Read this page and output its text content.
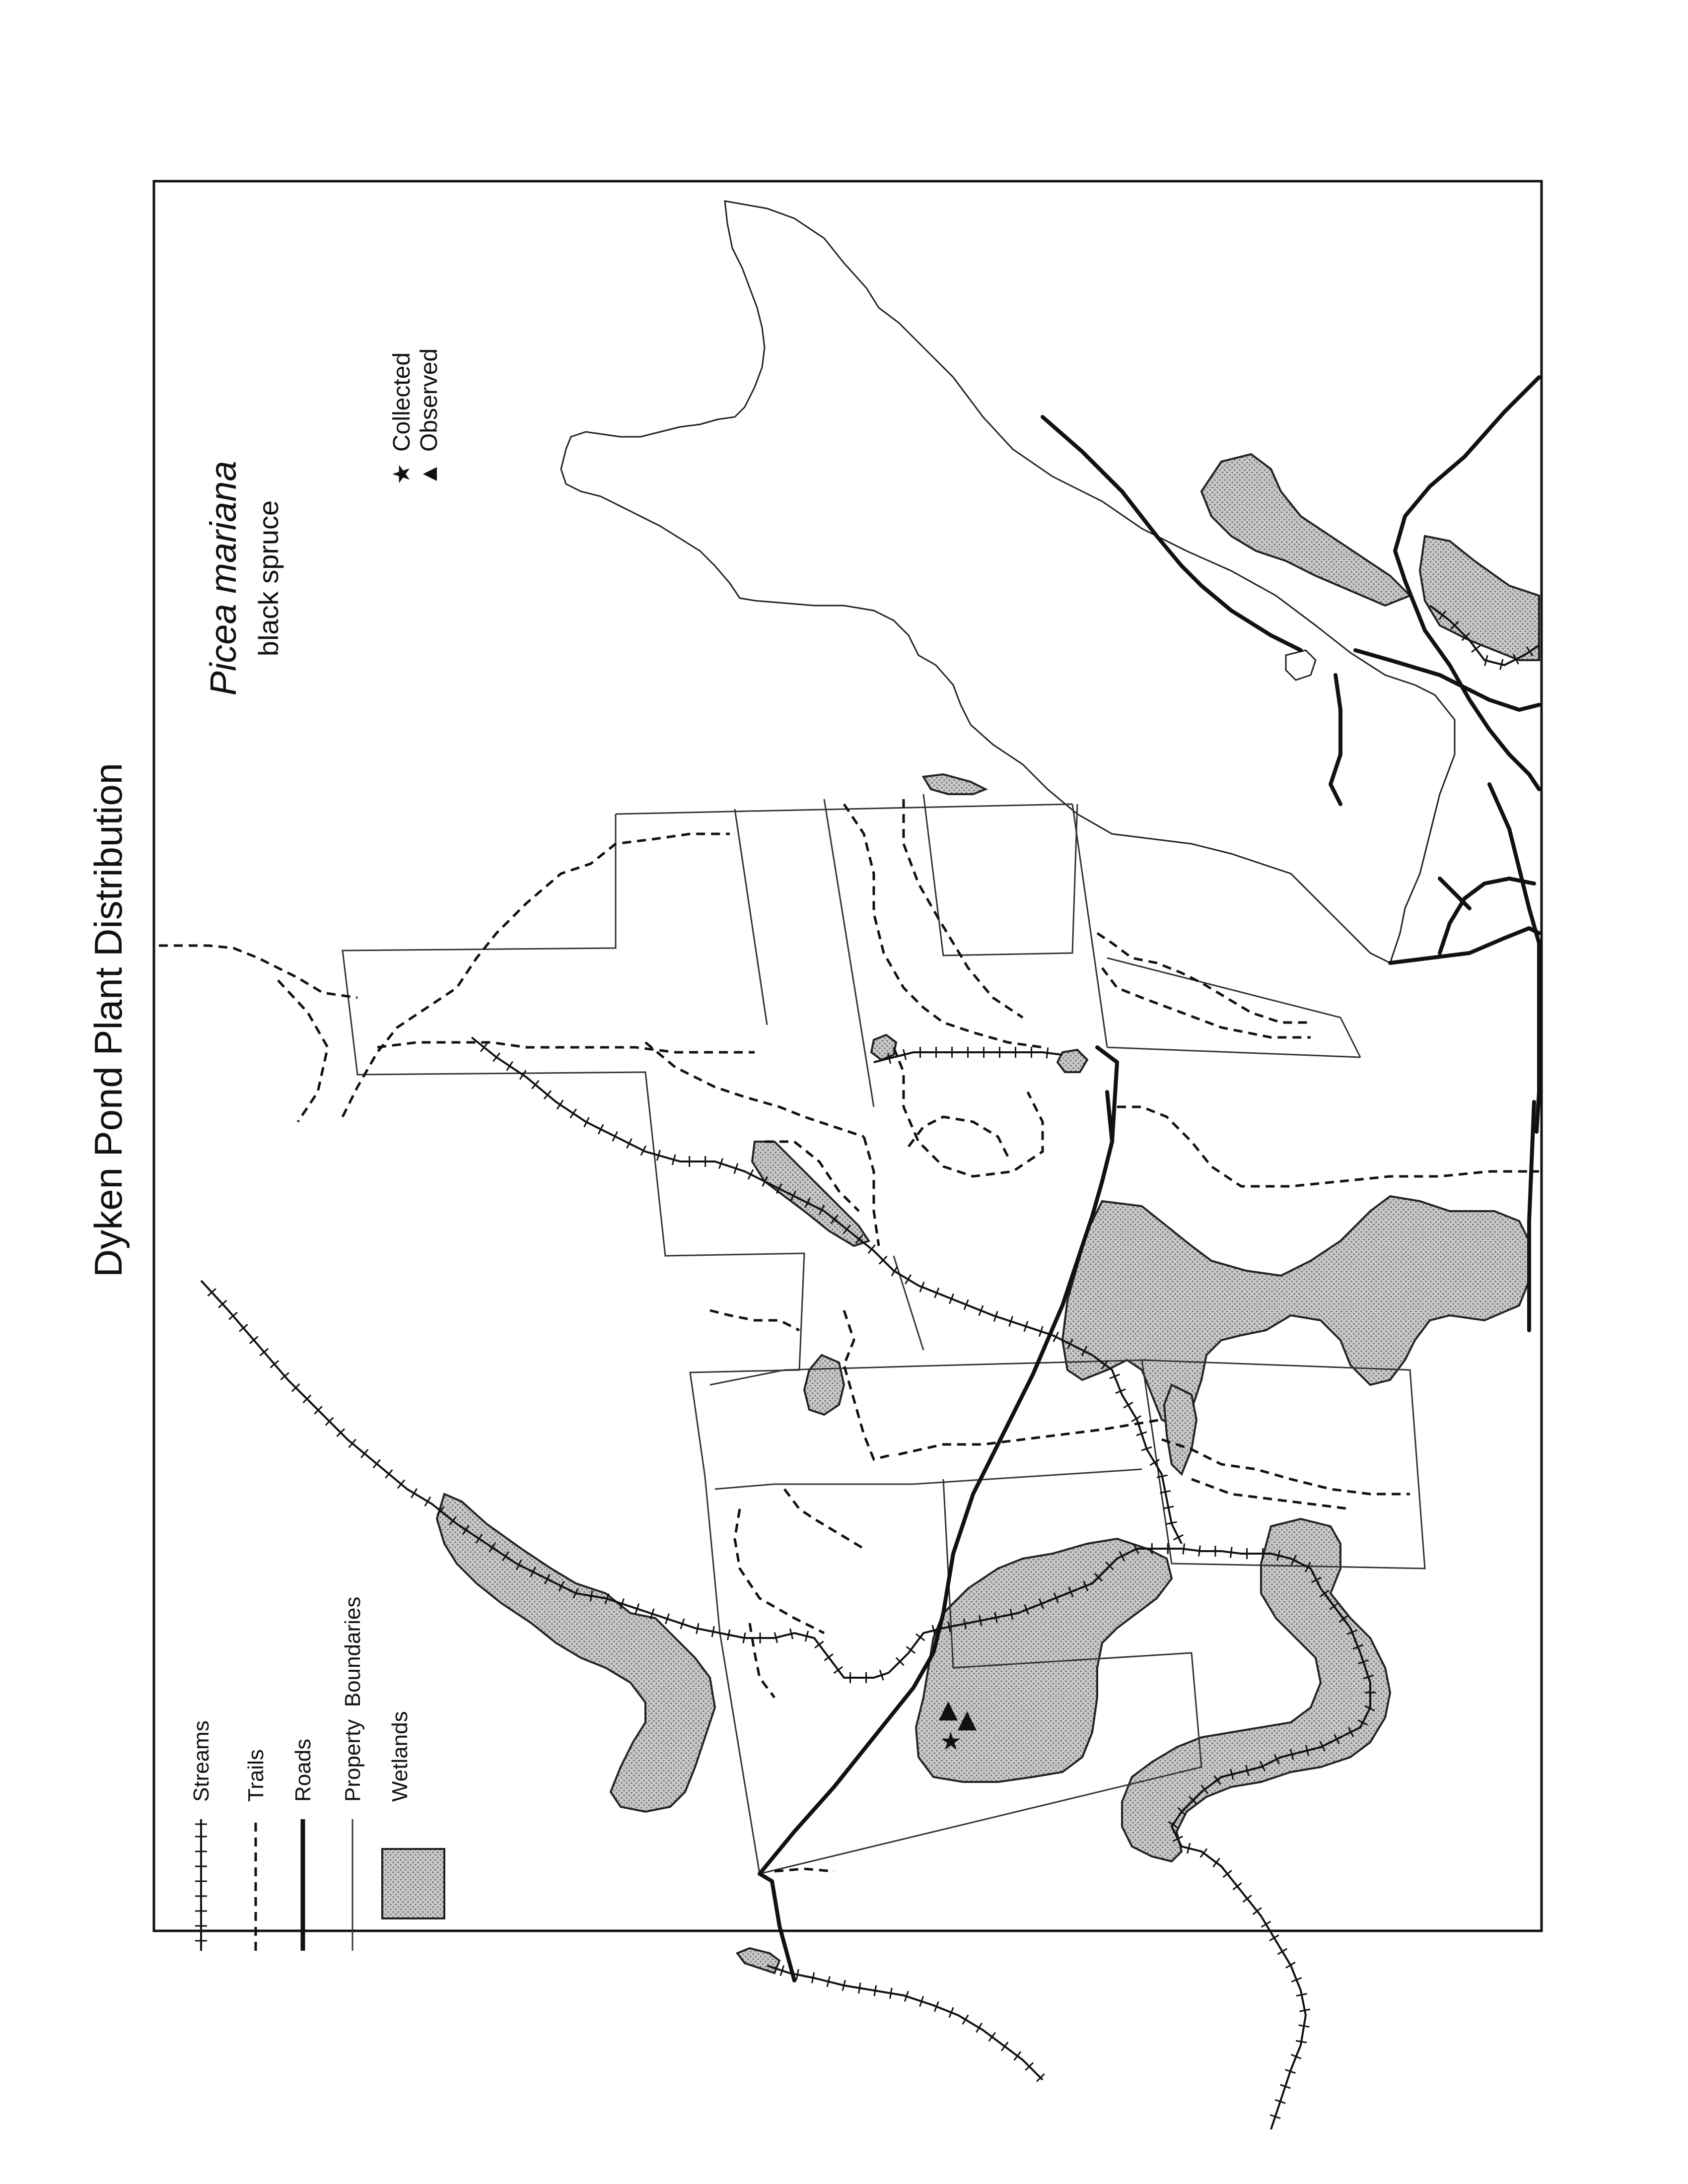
Dyken Pond Plant Distribution
Picea mariana black spruce
★
Collected
▲
Observed
▲ ▲
★
Streams Trails Roads Property  Boundaries Wetlands
